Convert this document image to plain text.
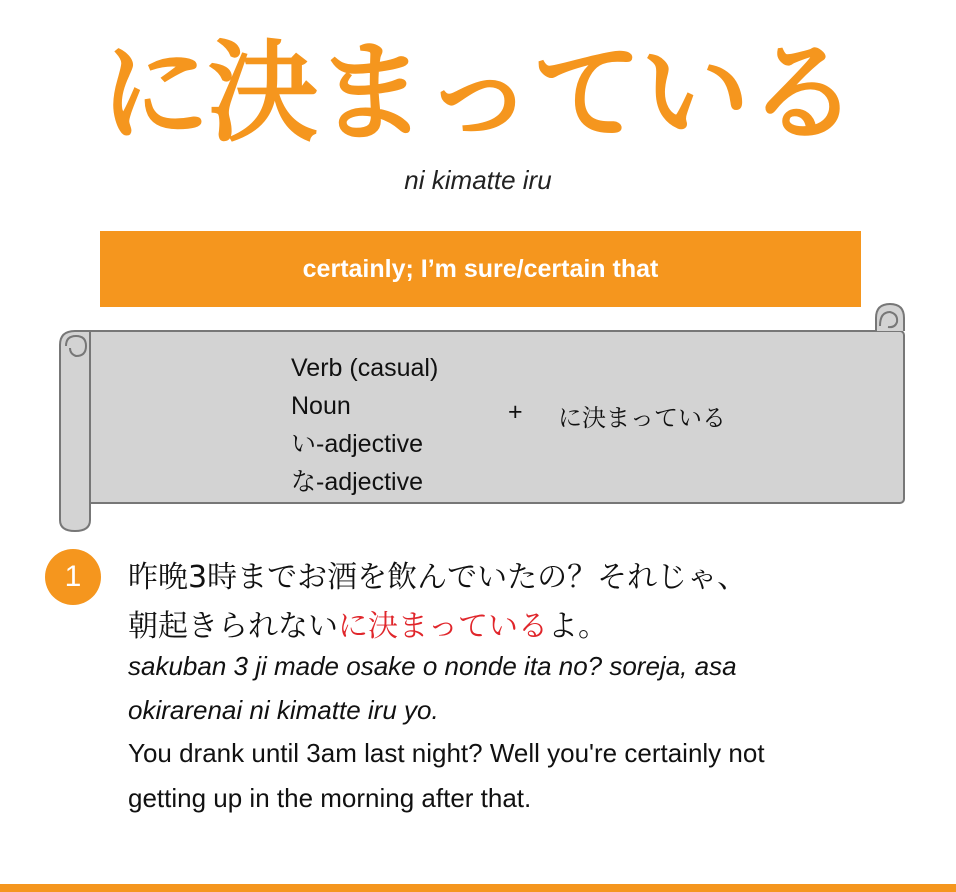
に決まっている
ni kimatte iru
certainly; I’m sure/certain that
Verb (casual)
Noun
い-adjective
な-adjective
+ に決まっている
1	昨晩3時までお酒を飲んでいたの？それじゃ、
朝起きられないに決まっているよ。
sakuban 3 ji made osake o nonde ita no? soreja, asa
okirarenai ni kimatte iru yo.
You drank until 3am last night? Well you're certainly not
getting up in the morning after that.
